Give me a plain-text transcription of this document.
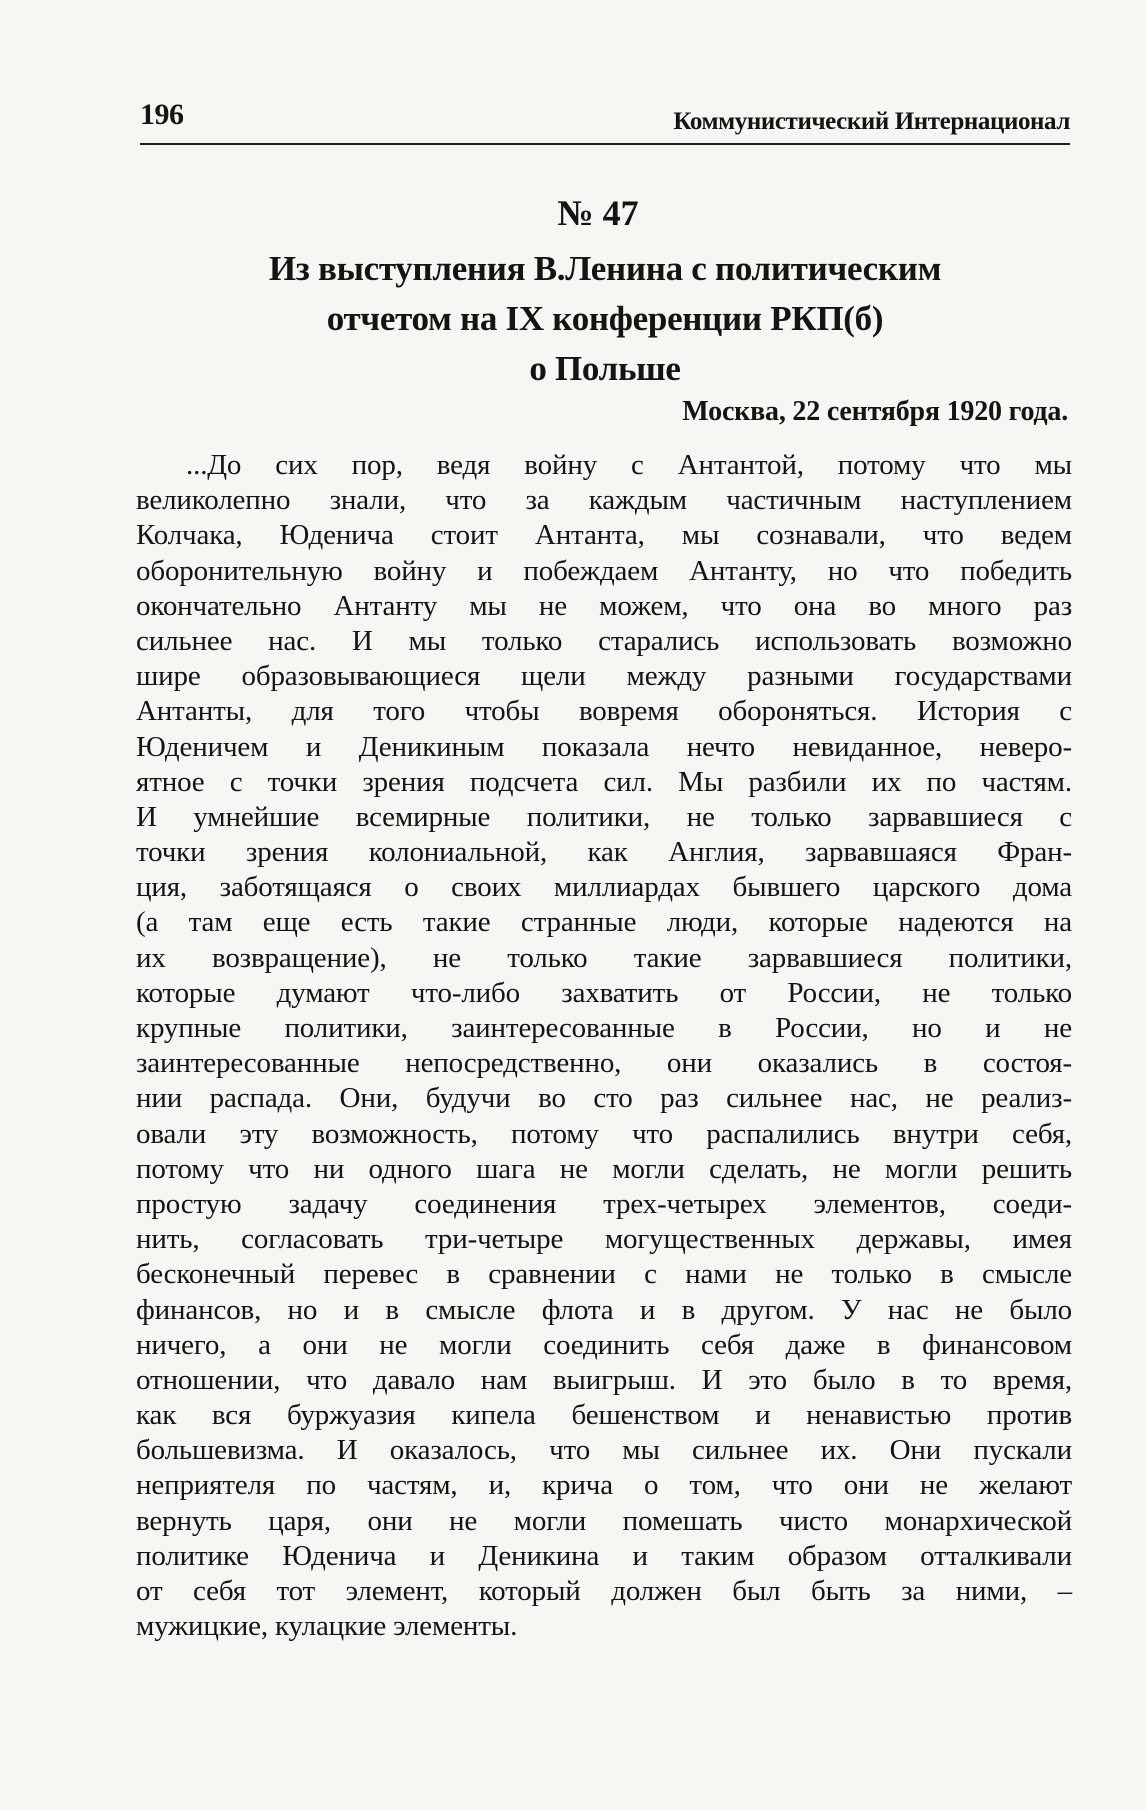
196	Коммунистический Интернационал
№ 47
Из выступления В.Ленина с политическим
отчетом на IX конференции РКП(б)
о Польше
Москва, 22 сентября 1920 года.
...До сих пор, ведя войну с Антантой, потому что мы
великолепно знали, что за каждым частичным наступлением
Колчака, Юденича стоит Антанта, мы сознавали, что ведем
оборонительную войну и побеждаем Антанту, но что победить
окончательно Антанту мы не можем, что она во много раз
сильнее нас. И мы только старались использовать возможно
шире образовывающиеся щели между разными государствами
Антанты, для того чтобы вовремя обороняться. История с
Юденичем и Деникиным показала нечто невиданное, неверо-
ятное с точки зрения подсчета сил. Мы разбили их по частям.
И умнейшие всемирные политики, не только зарвавшиеся с
точки зрения колониальной, как Англия, зарвавшаяся Фран-
ция, заботящаяся о своих миллиардах бывшего царского дома
(а там еще есть такие странные люди, которые надеются на
их возвращение), не только такие зарвавшиеся политики,
которые думают что-либо захватить от России, не только
крупные политики, заинтересованные в России, но и не
заинтересованные непосредственно, они оказались в состоя-
нии распада. Они, будучи во сто раз сильнее нас, не реализ-
овали эту возможность, потому что распалились внутри себя,
потому что ни одного шага не могли сделать, не могли решить
простую задачу соединения трех-четырех элементов, соеди-
нить, согласовать три-четыре могущественных державы, имея
бесконечный перевес в сравнении с нами не только в смысле
финансов, но и в смысле флота и в другом. У нас не было
ничего, а они не могли соединить себя даже в финансовом
отношении, что давало нам выигрыш. И это было в то время,
как вся буржуазия кипела бешенством и ненавистью против
большевизма. И оказалось, что мы сильнее их. Они пускали
неприятеля по частям, и, крича о том, что они не желают
вернуть царя, они не могли помешать чисто монархической
политике Юденича и Деникина и таким образом отталкивали
от себя тот элемент, который должен был быть за ними, –
мужицкие, кулацкие элементы.
